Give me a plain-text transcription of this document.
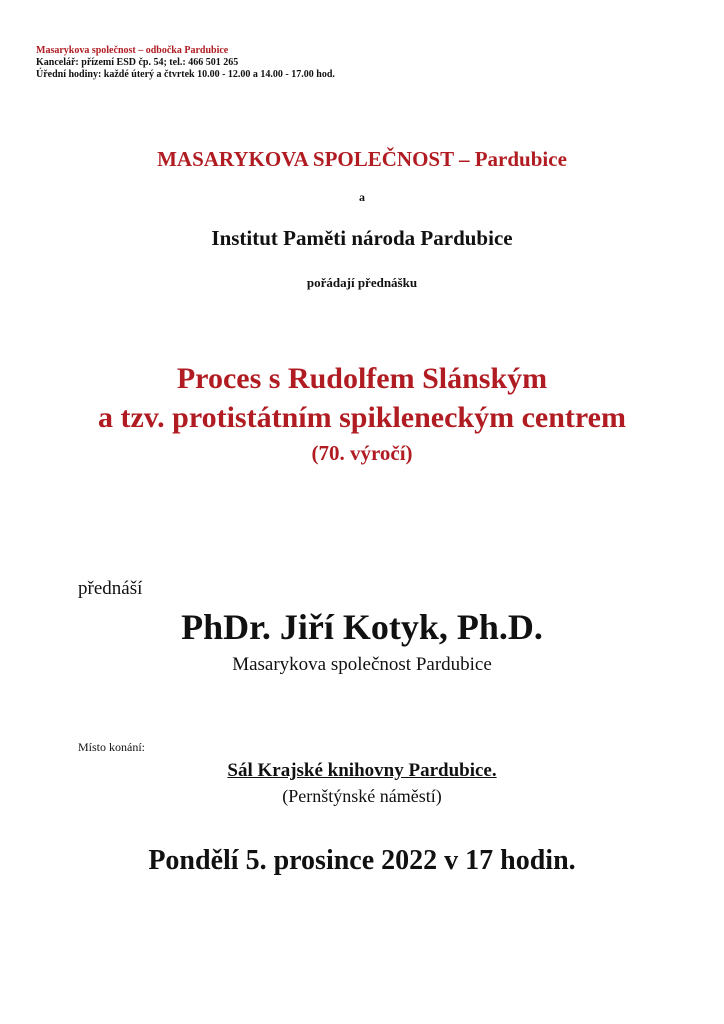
Masarykova společnost – odbočka Pardubice
Kancelář: přízemí ESD čp. 54; tel.: 466 501 265
Úřední hodiny: každé úterý a čtvrtek 10.00 - 12.00 a 14.00 - 17.00 hod.
MASARYKOVA SPOLEČNOST – Pardubice
a
Institut Paměti národa Pardubice
pořádají přednášku
Proces s Rudolfem Slánským
a tzv. protistátním spikleneckým centrem
(70. výročí)
přednáší
PhDr. Jiří Kotyk, Ph.D.
Masarykova společnost Pardubice
Místo konání:
Sál Krajské knihovny Pardubice.
(Pernštýnské náměstí)
Pondělí 5. prosince 2022 v 17 hodin.
